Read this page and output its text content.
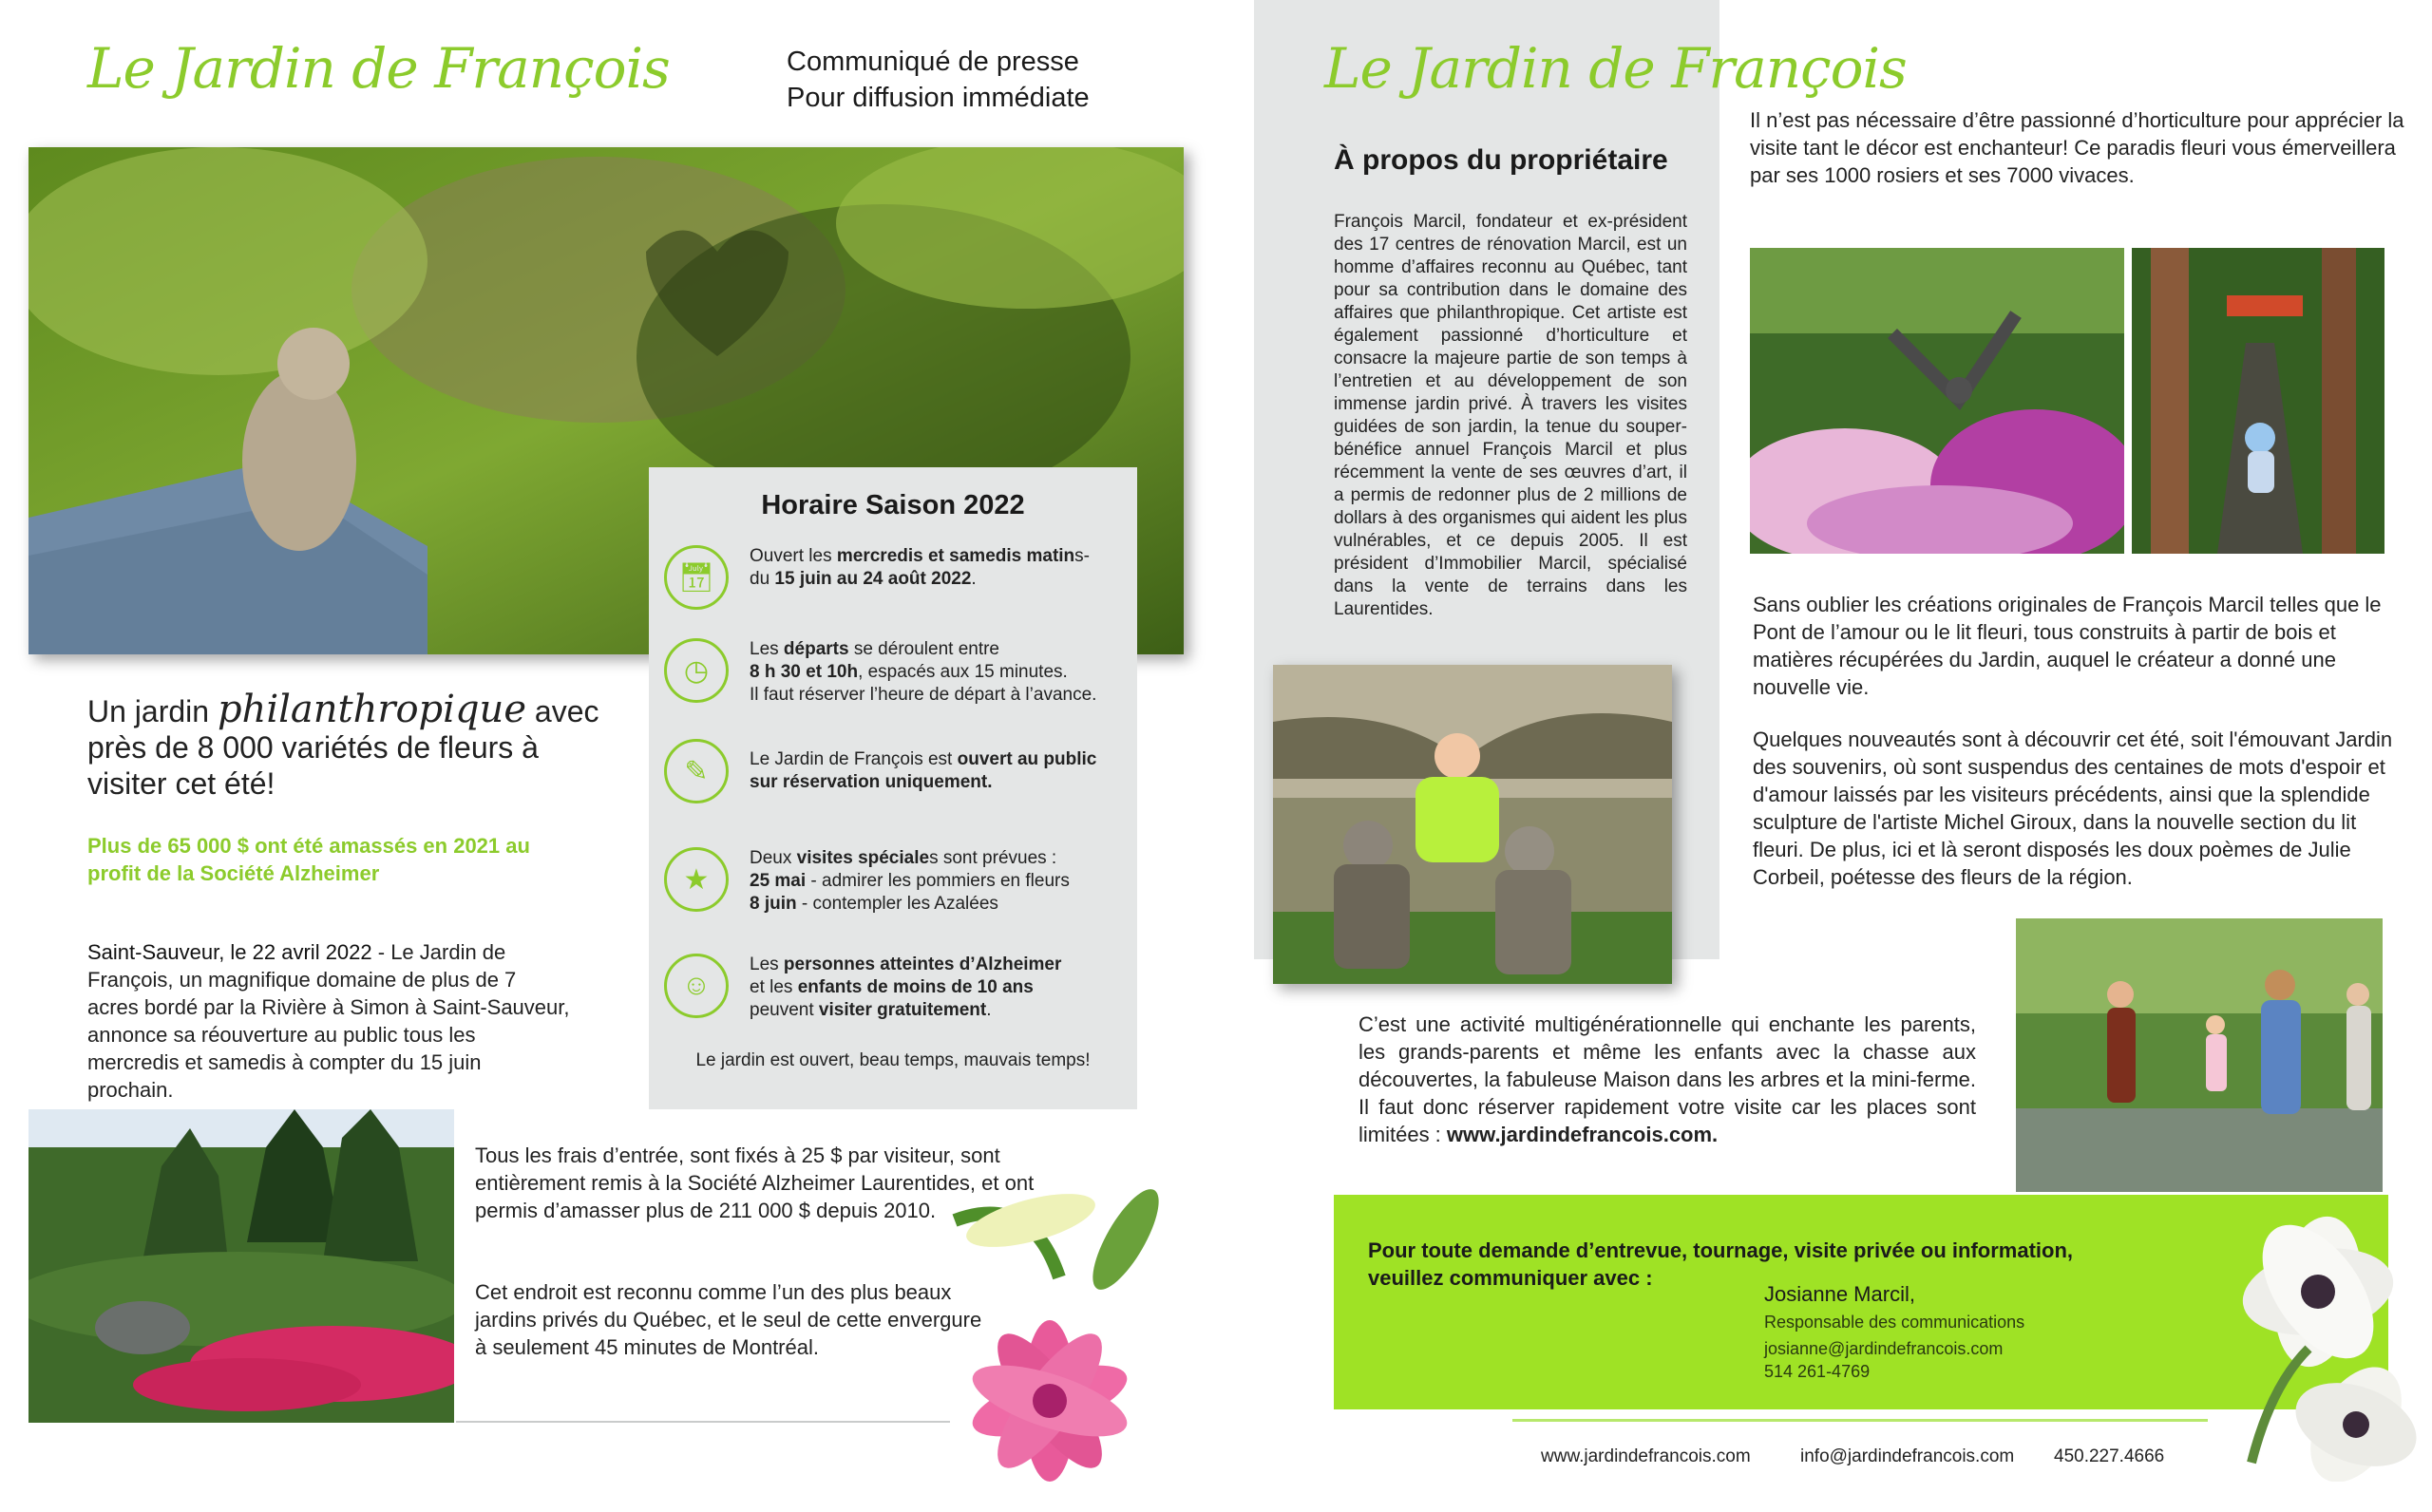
Le Jardin de François	Communiqué de presse
Pour diffusion immédiate
Horaire Saison 2022
📅︎
Ouvert les mercredis et samedis matins-
du 15 juin au 24 août 2022.
◷
Les départs se déroulent entre
8 h 30 et 10h, espacés aux 15 minutes.
Il faut réserver l’heure de départ à l’avance.
✎	Le Jardin de François est ouvert au public
sur réservation uniquement.
★
Deux visites spéciales sont prévues :
25 mai - admirer les pommiers en fleurs
8 juin - contempler les Azalées
☺
Les personnes atteintes d’Alzheimer
et les enfants de moins de 10 ans
peuvent visiter gratuitement.
Le jardin est ouvert, beau temps, mauvais temps!
Un jardin philanthropique avec
près de 8 000 variétés de fleurs à visiter cet été!
Plus de 65 000 $ ont été amassés en 2021 au profit de la Société Alzheimer
Saint-Sauveur, le 22 avril 2022 - Le Jardin de François, un magnifique domaine de plus de 7 acres bordé par la Rivière à Simon à Saint-Sauveur, annonce sa réouverture au public tous les mercredis et samedis à compter du 15 juin prochain.
Tous les frais d’entrée, sont fixés à 25 $ par visiteur, sont entièrement remis à la Société Alzheimer Laurentides, et ont permis d’amasser plus de 211 000 $ depuis 2010.
Cet endroit est reconnu comme l’un des plus beaux jardins privés du Québec, et le seul de cette envergure à seulement 45 minutes de Montréal.
Le Jardin de François
À propos du propriétaire
François Marcil, fondateur et ex-président des 17 centres de rénovation Marcil, est un homme d’affaires reconnu au Québec, tant pour sa contribution dans le domaine des affaires que philanthropique. Cet artiste est également passionné d’horticulture et consacre la majeure partie de son temps à l’entretien et au développement de son immense jardin privé. À travers les visites guidées de son jardin, la tenue du souper-bénéfice annuel François Marcil et plus récemment la vente de ses œuvres d’art, il a permis de redonner plus de 2 millions de dollars à des organismes qui aident les plus vulnérables, et ce depuis 2005. Il est président d’Immobilier Marcil, spécialisé dans la vente de terrains dans les Laurentides.
Il n’est pas nécessaire d’être passionné d’horticulture pour apprécier la visite tant le décor est enchanteur! Ce paradis fleuri vous émerveillera par ses 1000 rosiers et ses 7000 vivaces.
Sans oublier les créations originales de François Marcil telles que le Pont de l’amour ou le lit fleuri, tous construits à partir de bois et matières récupérées du Jardin, auquel le créateur a donné une nouvelle vie.
Quelques nouveautés sont à découvrir cet été, soit l'émouvant Jardin des souvenirs, où sont suspendus des centaines de mots d'espoir et d'amour laissés par les visiteurs précédents, ainsi que la splendide sculpture de l'artiste Michel Giroux, dans la nouvelle section du lit fleuri. De plus, ici et là seront disposés les doux poèmes de Julie Corbeil, poétesse des fleurs de la région.
C’est une activité multigénérationnelle qui enchante les parents, les grands-parents et même les enfants avec la chasse aux découvertes, la fabuleuse Maison dans les arbres et la mini-ferme. Il faut donc réserver rapidement votre visite car les places sont limitées : www.jardindefrancois.com.
Pour toute demande d’entrevue, tournage, visite privée ou information, veuillez communiquer avec :
Josianne Marcil,
Responsable des communications
josianne@jardindefrancois.com
514 261-4769
www.jardindefrancois.com	info@jardindefrancois.com 450.227.4666
